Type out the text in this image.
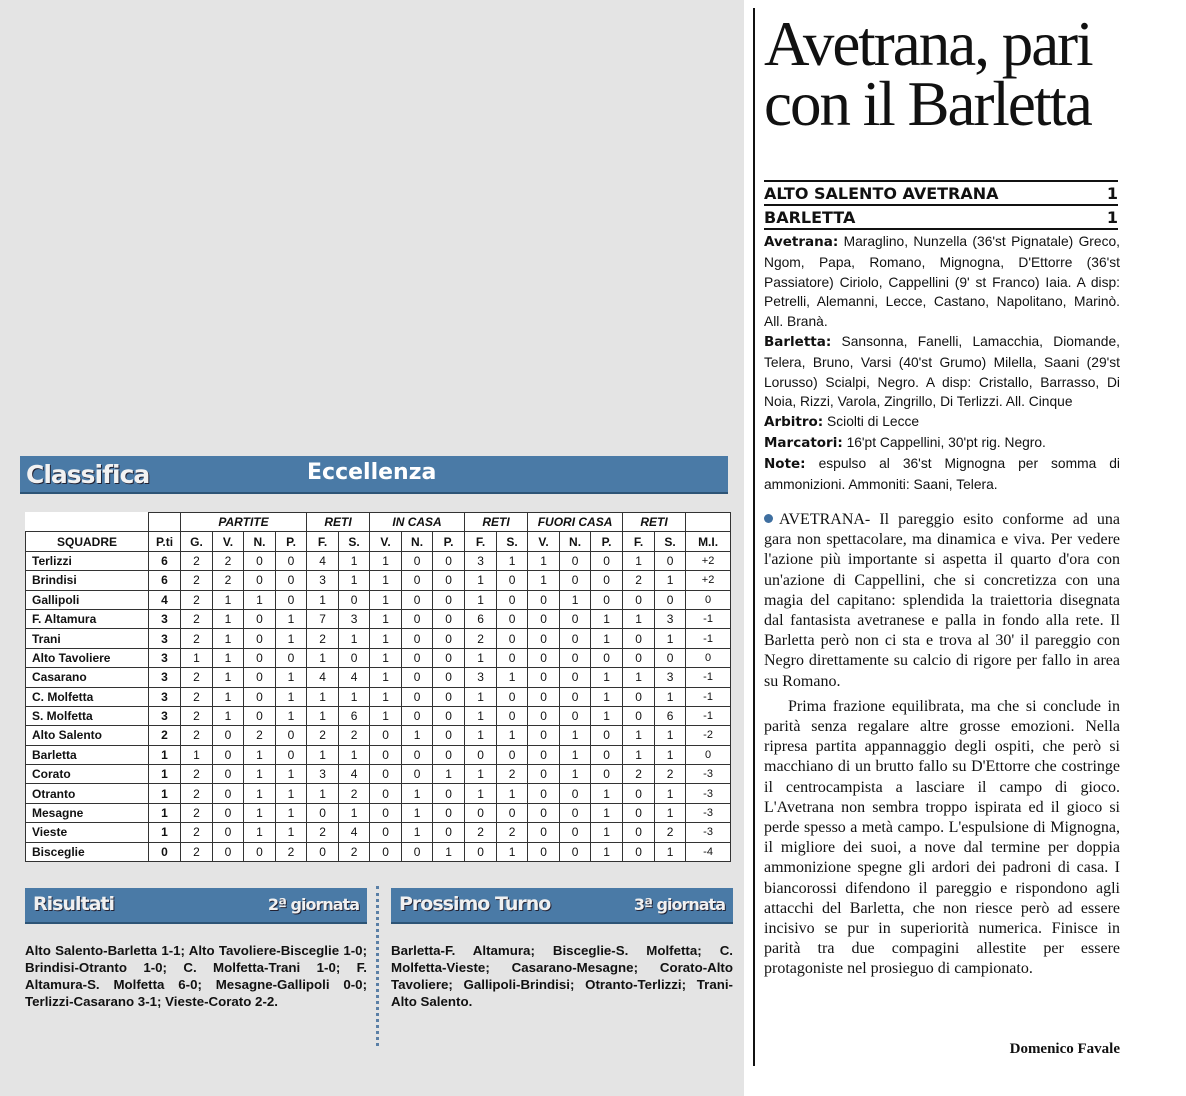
Classifica	Eccellenza
		PARTITE				RETI		IN CASA			RETI		FUORI CASA			RETI		
SQUADRE	P.ti	G.	V.	N.	P.	F.	S.	V.	N.	P.	F.	S.	V.	N.	P.	F.	S.	M.I.
Terlizzi	6	2	2	0	0	4	1	1	0	0	3	1	1	0	0	1	0	+2
Brindisi	6	2	2	0	0	3	1	1	0	0	1	0	1	0	0	2	1	+2
Gallipoli	4	2	1	1	0	1	0	1	0	0	1	0	0	1	0	0	0	0
F. Altamura	3	2	1	0	1	7	3	1	0	0	6	0	0	0	1	1	3	-1
Trani	3	2	1	0	1	2	1	1	0	0	2	0	0	0	1	0	1	-1
Alto Tavoliere	3	1	1	0	0	1	0	1	0	0	1	0	0	0	0	0	0	0
Casarano	3	2	1	0	1	4	4	1	0	0	3	1	0	0	1	1	3	-1
C. Molfetta	3	2	1	0	1	1	1	1	0	0	1	0	0	0	1	0	1	-1
S. Molfetta	3	2	1	0	1	1	6	1	0	0	1	0	0	0	1	0	6	-1
Alto Salento	2	2	0	2	0	2	2	0	1	0	1	1	0	1	0	1	1	-2
Barletta	1	1	0	1	0	1	1	0	0	0	0	0	0	1	0	1	1	0
Corato	1	2	0	1	1	3	4	0	0	1	1	2	0	1	0	2	2	-3
Otranto	1	2	0	1	1	1	2	0	1	0	1	1	0	0	1	0	1	-3
Mesagne	1	2	0	1	1	0	1	0	1	0	0	0	0	0	1	0	1	-3
Vieste	1	2	0	1	1	2	4	0	1	0	2	2	0	0	1	0	2	-3
Bisceglie	0	2	0	0	2	0	2	0	0	1	0	1	0	0	1	0	1	-4
Risultati	2ª giornata
Alto Salento-Barletta 1-1; Alto Tavoliere-Bisceglie 1-0; Brindisi-Otranto 1-0; C. Molfetta-Trani 1-0; F. Altamura-S. Molfetta 6-0; Mesagne-Gallipoli 0-0; Terlizzi-Casarano 3-1; Vieste-Corato 2-2.
Prossimo Turno	3ª giornata
Barletta-F. Altamura; Bisceglie-S. Molfetta; C. Molfetta-Vieste; Casarano-Mesagne; Corato-Alto Tavoliere; Gallipoli-Brindisi; Otranto-Terlizzi; Trani-Alto Salento.
Avetrana, pari
con il Barletta
ALTO SALENTO AVETRANA	1
BARLETTA	1
Avetrana: Maraglino, Nunzella (36'st Pignatale) Greco, Ngom, Papa, Romano, Mignogna, D'Ettorre (36'st Passiatore) Ciriolo, Cappellini (9' st Franco) Iaia. A disp: Petrelli, Alemanni, Lecce, Castano, Napolitano, Marinò. All. Branà.
Barletta: Sansonna, Fanelli, Lamacchia, Diomande, Telera, Bruno, Varsi (40'st Grumo) Milella, Saani (29'st Lorusso) Scialpi, Negro. A disp: Cristallo, Barrasso, Di Noia, Rizzi, Varola, Zingrillo, Di Terlizzi. All. Cinque
Arbitro: Sciolti di Lecce
Marcatori: 16'pt Cappellini, 30'pt rig. Negro.
Note: espulso al 36'st Mignogna per somma di ammonizioni. Ammoniti: Saani, Telera.

AVETRANA- Il pareggio esito conforme ad una gara non spettacolare, ma dinamica e viva. Per vedere l'azione più importante si aspetta il quarto d'ora con un'azione di Cappellini, che si concretizza con una magia del capitano: splendida la traiettoria disegnata dal fantasista avetranese e palla in fondo alla rete. Il Barletta però non ci sta e trova al 30' il pareggio con Negro direttamente su calcio di rigore per fallo in area su Romano.

Prima frazione equilibrata, ma che si conclude in parità senza regalare altre grosse emozioni. Nella ripresa partita appannaggio degli ospiti, che però si macchiano di un brutto fallo su D'Ettorre che costringe il centrocampista a lasciare il campo di gioco. L'Avetrana non sembra troppo ispirata ed il gioco si perde spesso a metà campo. L'espulsione di Mignogna, il migliore dei suoi, a nove dal termine per doppia ammonizione spegne gli ardori dei padroni di casa. I biancorossi difendono il pareggio e rispondono agli attacchi del Barletta, che non riesce però ad essere incisivo se pur in superiorità numerica. Finisce in parità tra due compagini allestite per essere protagoniste nel prosieguo di campionato.

Domenico Favale
